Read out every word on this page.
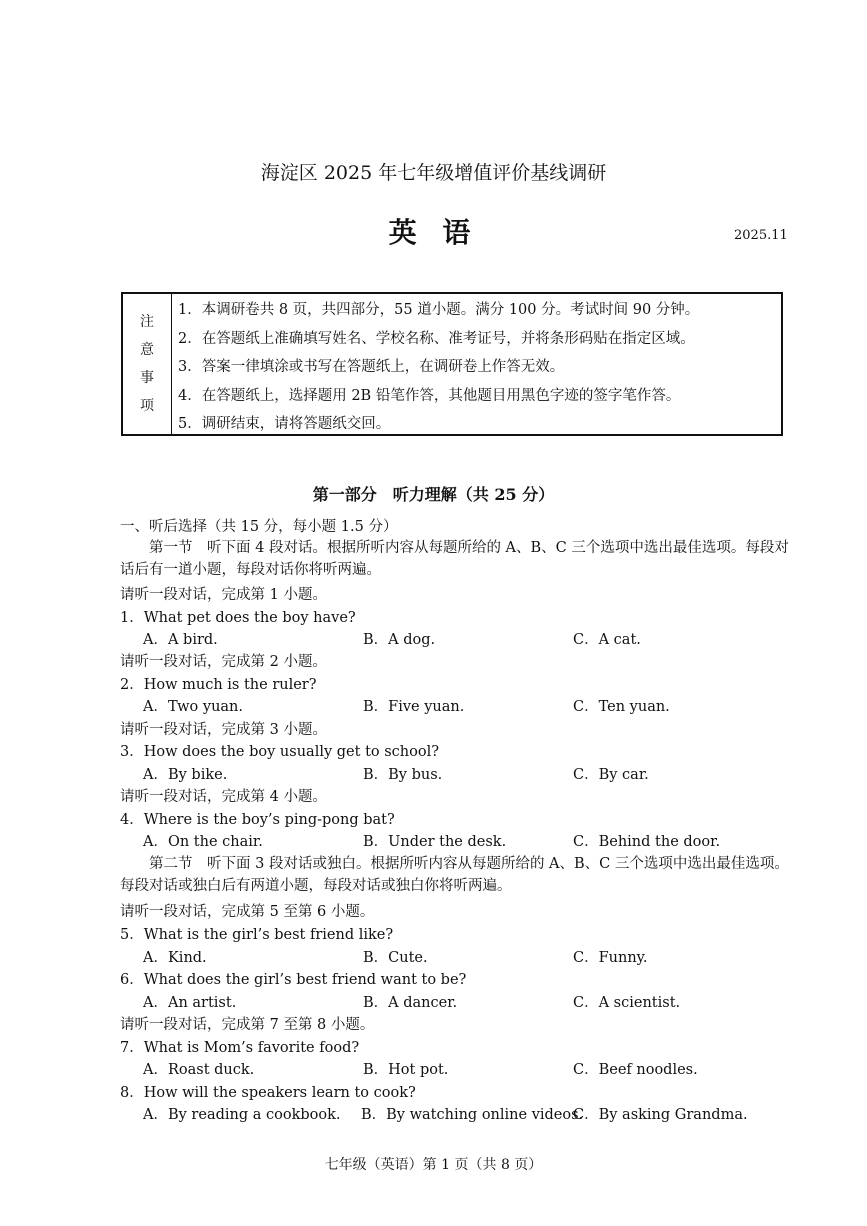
海淀区 2025 年七年级增值评价基线调研
英 语	2025.11
注
意
事
项
1．本调研卷共 8 页，共四部分，55 道小题。满分 100 分。考试时间 90 分钟。
2．在答题纸上准确填写姓名、学校名称、准考证号，并将条形码贴在指定区域。
3．答案一律填涂或书写在答题纸上，在调研卷上作答无效。
4．在答题纸上，选择题用 2B 铅笔作答，其他题目用黑色字迹的签字笔作答。
5．调研结束，请将答题纸交回。
第一部分　听力理解（共 25 分）
一、听后选择（共 15 分，每小题 1.5 分）
第一节　听下面 4 段对话。根据所听内容从每题所给的 A、B、C 三个选项中选出最佳选项。每段对话后有一道小题，每段对话你将听两遍。
请听一段对话，完成第 1 小题。
1．What pet does the boy have?
A．A bird.	B．A dog.	C．A cat.
请听一段对话，完成第 2 小题。
2．How much is the ruler?
A．Two yuan.	B．Five yuan.	C．Ten yuan.
请听一段对话，完成第 3 小题。
3．How does the boy usually get to school?
A．By bike.	B．By bus.	C．By car.
请听一段对话，完成第 4 小题。
4．Where is the boy’s ping-pong bat?
A．On the chair.	B．Under the desk.	C．Behind the door.
第二节　听下面 3 段对话或独白。根据所听内容从每题所给的 A、B、C 三个选项中选出最佳选项。每段对话或独白后有两道小题，每段对话或独白你将听两遍。
请听一段对话，完成第 5 至第 6 小题。
5．What is the girl’s best friend like?
A．Kind.	B．Cute.	C．Funny.
6．What does the girl’s best friend want to be?
A．An artist.	B．A dancer.	C．A scientist.
请听一段对话，完成第 7 至第 8 小题。
7．What is Mom’s favorite food?
A．Roast duck.	B．Hot pot.	C．Beef noodles.
8．How will the speakers learn to cook?
A．By reading a cookbook. B．By watching online videos.
C．By asking Grandma.
七年级（英语）第 1 页（共 8 页）
